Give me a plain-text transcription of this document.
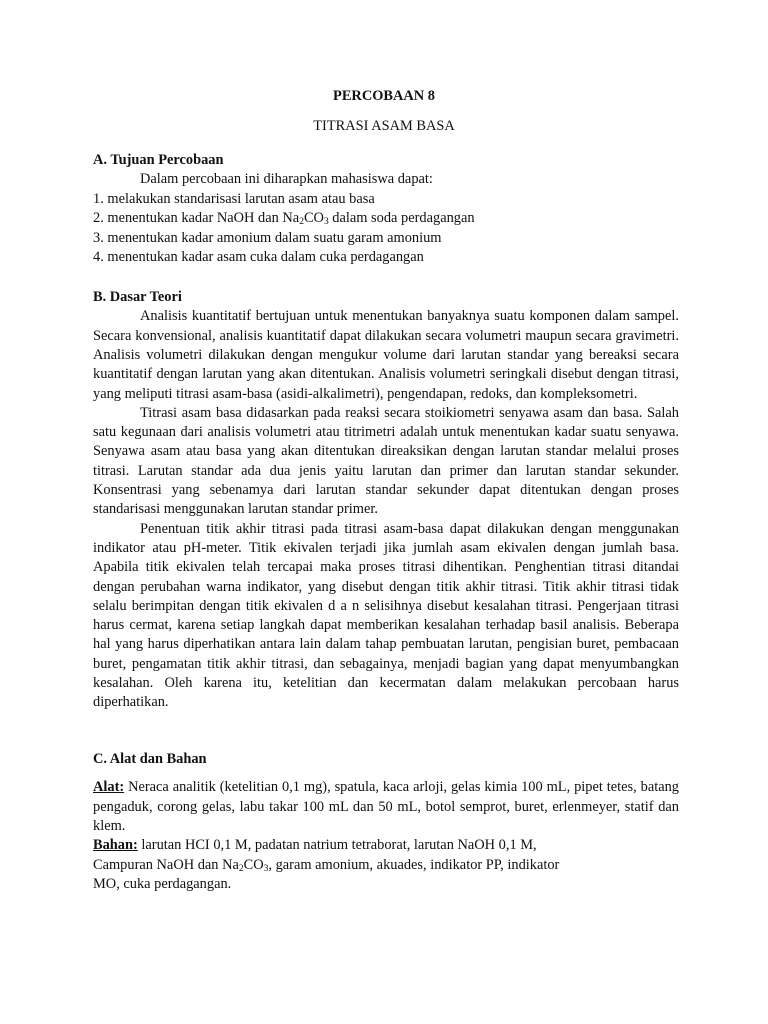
PERCOBAAN 8
TITRASI ASAM BASA
A. Tujuan Percobaan
Dalam percobaan ini diharapkan mahasiswa dapat:
1. melakukan standarisasi larutan asam atau basa
2. menentukan kadar NaOH dan $Na_2CO_3$ dalam soda perdagangan
3. menentukan kadar amonium dalam suatu garam amonium
4. menentukan kadar asam cuka dalam cuka perdagangan
B. Dasar Teori

Analisis kuantitatif bertujuan untuk menentukan banyaknya suatu komponen dalam sampel. Secara konvensional, analisis kuantitatif dapat dilakukan secara volumetri maupun secara gravimetri. Analisis volumetri dilakukan dengan mengukur volume dari larutan standar yang bereaksi secara kuantitatif dengan larutan yang akan ditentukan. Analisis volumetri seringkali disebut dengan titrasi, yang meliputi titrasi asam-basa (asidi-alkalimetri), pengendapan, redoks, dan kompleksometri.

Titrasi asam basa didasarkan pada reaksi secara stoikiometri senyawa asam dan basa. Salah satu kegunaan dari analisis volumetri atau titrimetri adalah untuk menentukan kadar suatu senyawa. Senyawa asam atau basa yang akan ditentukan direaksikan dengan larutan standar melalui proses titrasi. Larutan standar ada dua jenis yaitu larutan dan primer dan larutan standar sekunder. Konsentrasi yang sebenamya dari larutan standar sekunder dapat ditentukan dengan proses standarisasi menggunakan larutan standar primer.

Penentuan titik akhir titrasi pada titrasi asam-basa dapat dilakukan dengan menggunakan indikator atau pH-meter. Titik ekivalen terjadi jika jumlah asam ekivalen dengan jumlah basa. Apabila titik ekivalen telah tercapai maka proses titrasi dihentikan. Penghentian titrasi ditandai dengan perubahan warna indikator, yang disebut dengan titik akhir titrasi. Titik akhir titrasi tidak selalu berimpitan dengan titik ekivalen d a n selisihnya disebut kesalahan titrasi. Pengerjaan titrasi harus cermat, karena setiap langkah dapat memberikan kesalahan terhadap basil analisis. Beberapa hal yang harus diperhatikan antara lain dalam tahap pembuatan larutan, pengisian buret, pembacaan buret, pengamatan titik akhir titrasi, dan sebagainya, menjadi bagian yang dapat menyumbangkan kesalahan. Oleh karena itu, ketelitian dan kecermatan dalam melakukan percobaan harus diperhatikan.

C. Alat dan Bahan

Alat: Neraca analitik (ketelitian 0,1 mg), spatula, kaca arloji, gelas kimia 100 mL, pipet tetes, batang pengaduk, corong gelas, labu takar 100 mL dan 50 mL, botol semprot, buret, erlenmeyer, statif dan klem.

Bahan: larutan HCI 0,1 M, padatan natrium tetraborat, larutan NaOH 0,1 M,
Campuran NaOH dan $Na_2CO_3$, garam amonium, akuades, indikator PP, indikator
MO, cuka perdagangan.
